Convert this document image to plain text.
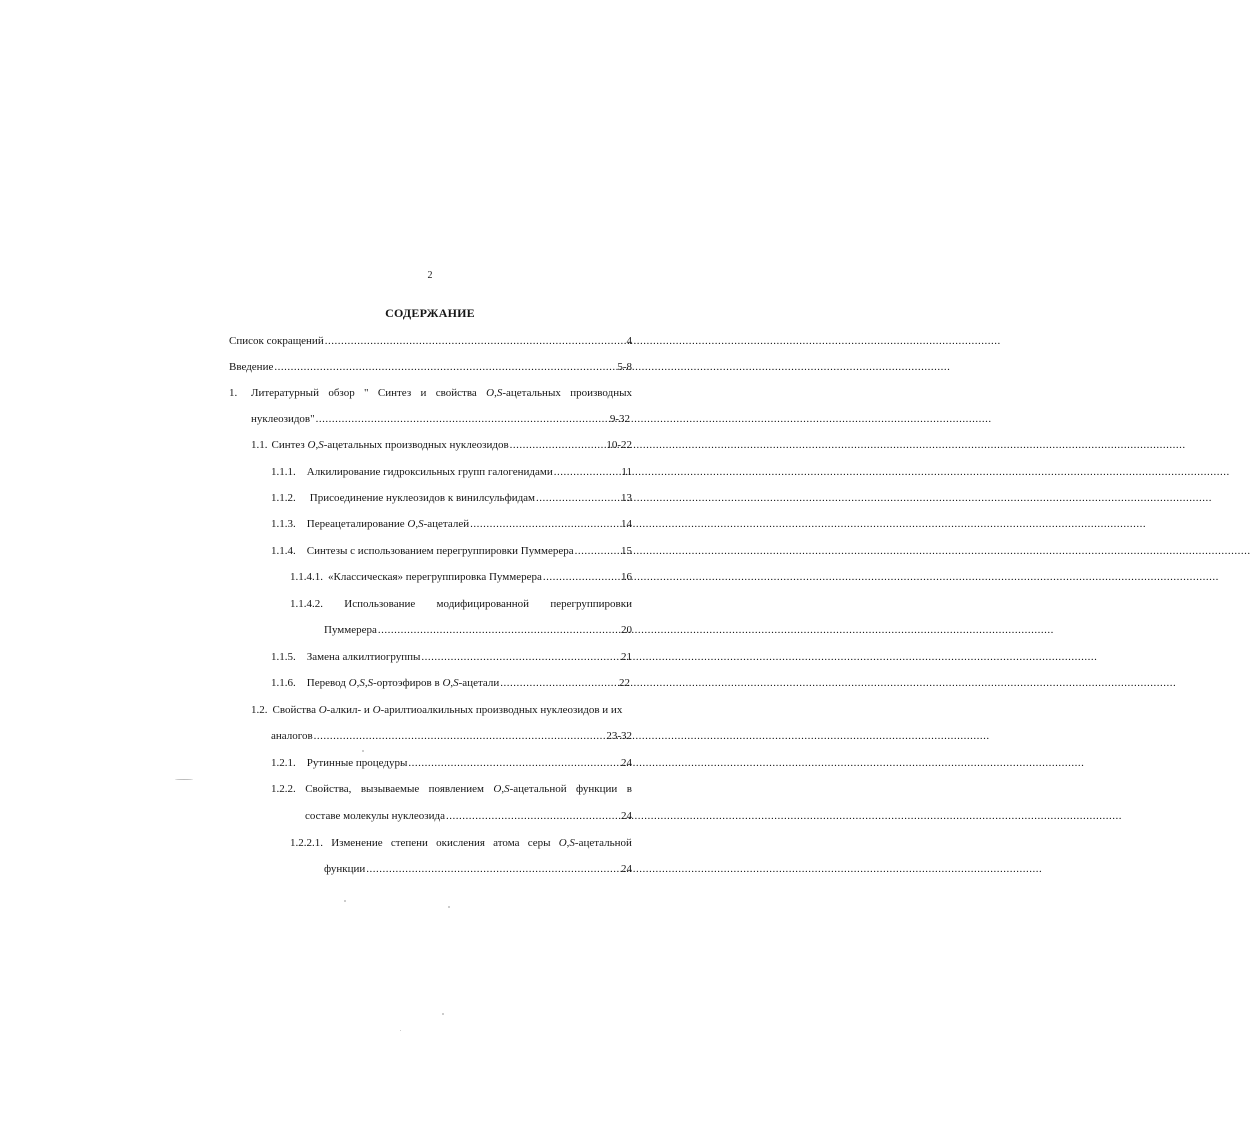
2
СОДЕРЖАНИЕ
Список сокращений .....	4
Введение .....	5-8
1. Литературный обзор " Синтез и свойства O,S-ацетальных производных
нуклеозидов" .....	9-32
1.1. Синтез O,S-ацетальных производных нуклеозидов .....	10-22
1.1.1. Алкилирование гидроксильных групп галогенидами .....	11
1.1.2. Присоединение нуклеозидов к винилсульфидам .....	13
1.1.3. Переацеталирование O,S-ацеталей .....	14
1.1.4. Синтезы с использованием перегруппировки Пуммерера .....	15
1.1.4.1. «Классическая» перегруппировка Пуммерера .....	16
1.1.4.2. Использование модифицированной перегруппировки
Пуммерера .....	20
1.1.5. Замена алкилтиогруппы .....	21
1.1.6. Перевод O,S,S-ортоэфиров в O,S-ацетали .....	22
1.2. Свойства O-алкил- и O-арилтиоалкильных производных нуклеозидов и их
аналогов .....	23-32
1.2.1. Рутинные процедуры .....	24
1.2.2. Свойства, вызываемые появлением O,S-ацетальной функции в
составе молекулы нуклеозида .....	24
1.2.2.1. Изменение степени окисления атома серы O,S-ацетальной
функции .....	24
